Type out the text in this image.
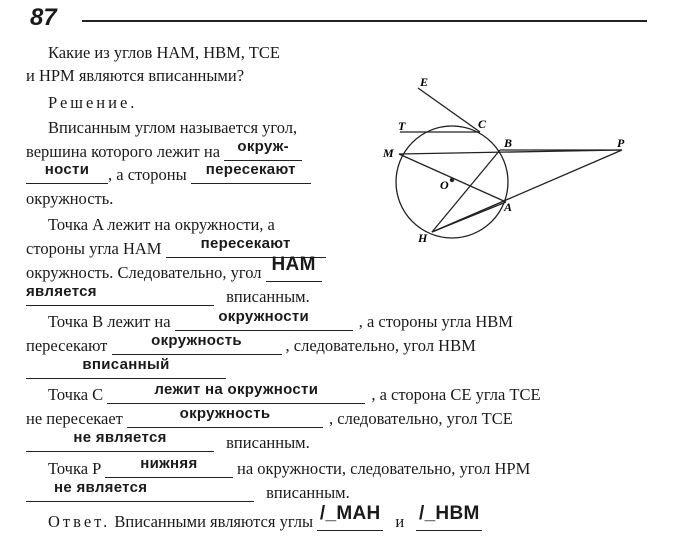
87
Какие из углов HAM, HBM, TCE
и HPM являются вписанными?
Решение.
Вписанным углом называется угол,
вершина которого лежит на окруж-
ности , а стороны пересекают
окружность.
Точка A лежит на окружности, а
стороны угла HAM	пересекают
окружность. Следовательно, угол HAM
является	вписанным.
Точка B лежит на	окружности	, а стороны угла HBM
пересекают	окружность	, следовательно, угол HBM
вписанный
Точка C	лежит на окружности	, а сторона CE угла TCE
не пересекает	окружность	, следовательно, угол TCE
не является	вписанным.
Точка P	нижняя на окружности, следовательно, угол HPM
не является	вписанным.
Ответ. Вписанными являются углы /_МАН и /_НВМ
E
T	C
M
B	P
O
A
H
